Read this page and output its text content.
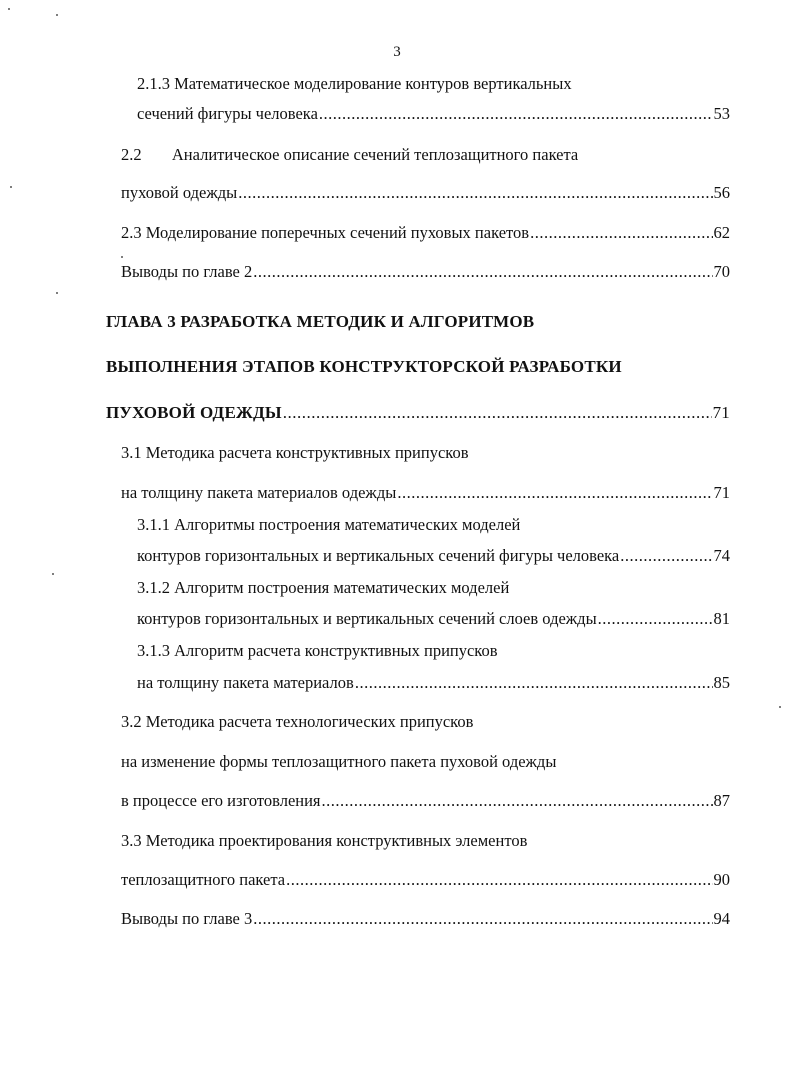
3
2.1.3 Математическое моделирование контуров вертикальных
сечений фигуры человека .....	53
2.2 Аналитическое описание сечений теплозащитного пакета
пуховой одежды .....	56
2.3 Моделирование поперечных сечений пуховых пакетов .....	62
Выводы по главе 2 .....	70
ГЛАВА 3 РАЗРАБОТКА МЕТОДИК И АЛГОРИТМОВ
ВЫПОЛНЕНИЯ ЭТАПОВ КОНСТРУКТОРСКОЙ РАЗРАБОТКИ
ПУХОВОЙ ОДЕЖДЫ .....	71
3.1 Методика расчета конструктивных припусков
на толщину пакета материалов одежды .....	71
3.1.1 Алгоритмы построения математических моделей
контуров горизонтальных и вертикальных сечений фигуры человека .....	74
3.1.2 Алгоритм построения математических моделей
контуров горизонтальных и вертикальных сечений слоев одежды .....	81
3.1.3 Алгоритм расчета конструктивных припусков
на толщину пакета материалов .....	85
3.2 Методика расчета технологических припусков
на изменение формы теплозащитного пакета пуховой одежды
в процессе его изготовления .....	87
3.3 Методика проектирования конструктивных элементов
теплозащитного пакета .....	90
Выводы по главе 3 .....	94
